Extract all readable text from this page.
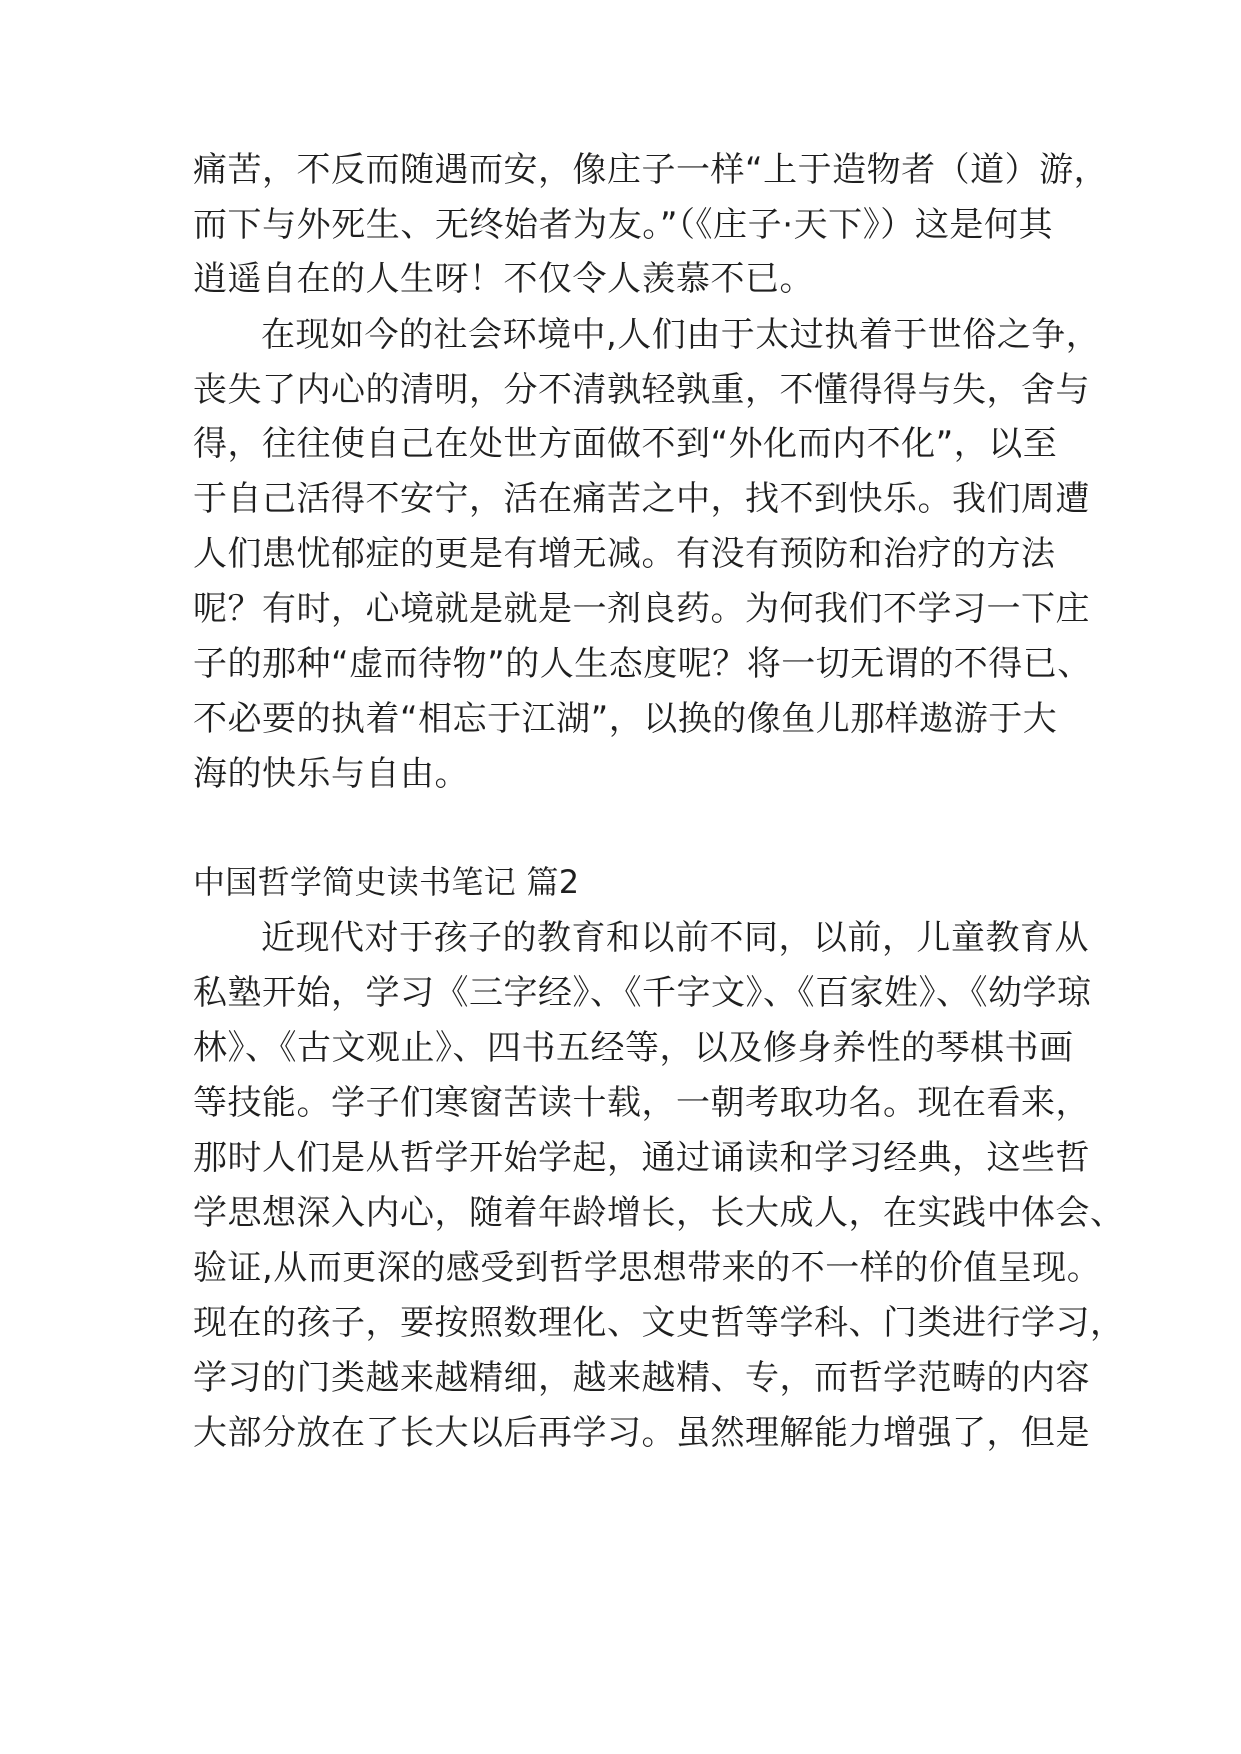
痛苦，不反而随遇而安，像庄子一样“上于造物者（道）游，
而下与外死生、无终始者为友。”（《庄子·天下》）这是何其
逍遥自在的人生呀！不仅令人羡慕不已。
在现如今的社会环境中,人们由于太过执着于世俗之争，
丧失了内心的清明，分不清孰轻孰重，不懂得得与失，舍与
得，往往使自己在处世方面做不到“外化而内不化”，以至
于自己活得不安宁，活在痛苦之中，找不到快乐。我们周遭
人们患忧郁症的更是有增无减。有没有预防和治疗的方法
呢？有时，心境就是就是一剂良药。为何我们不学习一下庄
子的那种“虚而待物”的人生态度呢？将一切无谓的不得已、
不必要的执着“相忘于江湖”，以换的像鱼儿那样遨游于大
海的快乐与自由。
中国哲学简史读书笔记 篇2
近现代对于孩子的教育和以前不同，以前，儿童教育从
私塾开始，学习《三字经》、《千字文》、《百家姓》、《幼学琼
林》、《古文观止》、四书五经等，以及修身养性的琴棋书画
等技能。学子们寒窗苦读十载，一朝考取功名。现在看来，
那时人们是从哲学开始学起，通过诵读和学习经典，这些哲
学思想深入内心，随着年龄增长，长大成人，在实践中体会、
验证,从而更深的感受到哲学思想带来的不一样的价值呈现。
现在的孩子，要按照数理化、文史哲等学科、门类进行学习，
学习的门类越来越精细，越来越精、专，而哲学范畴的内容
大部分放在了长大以后再学习。虽然理解能力增强了，但是
